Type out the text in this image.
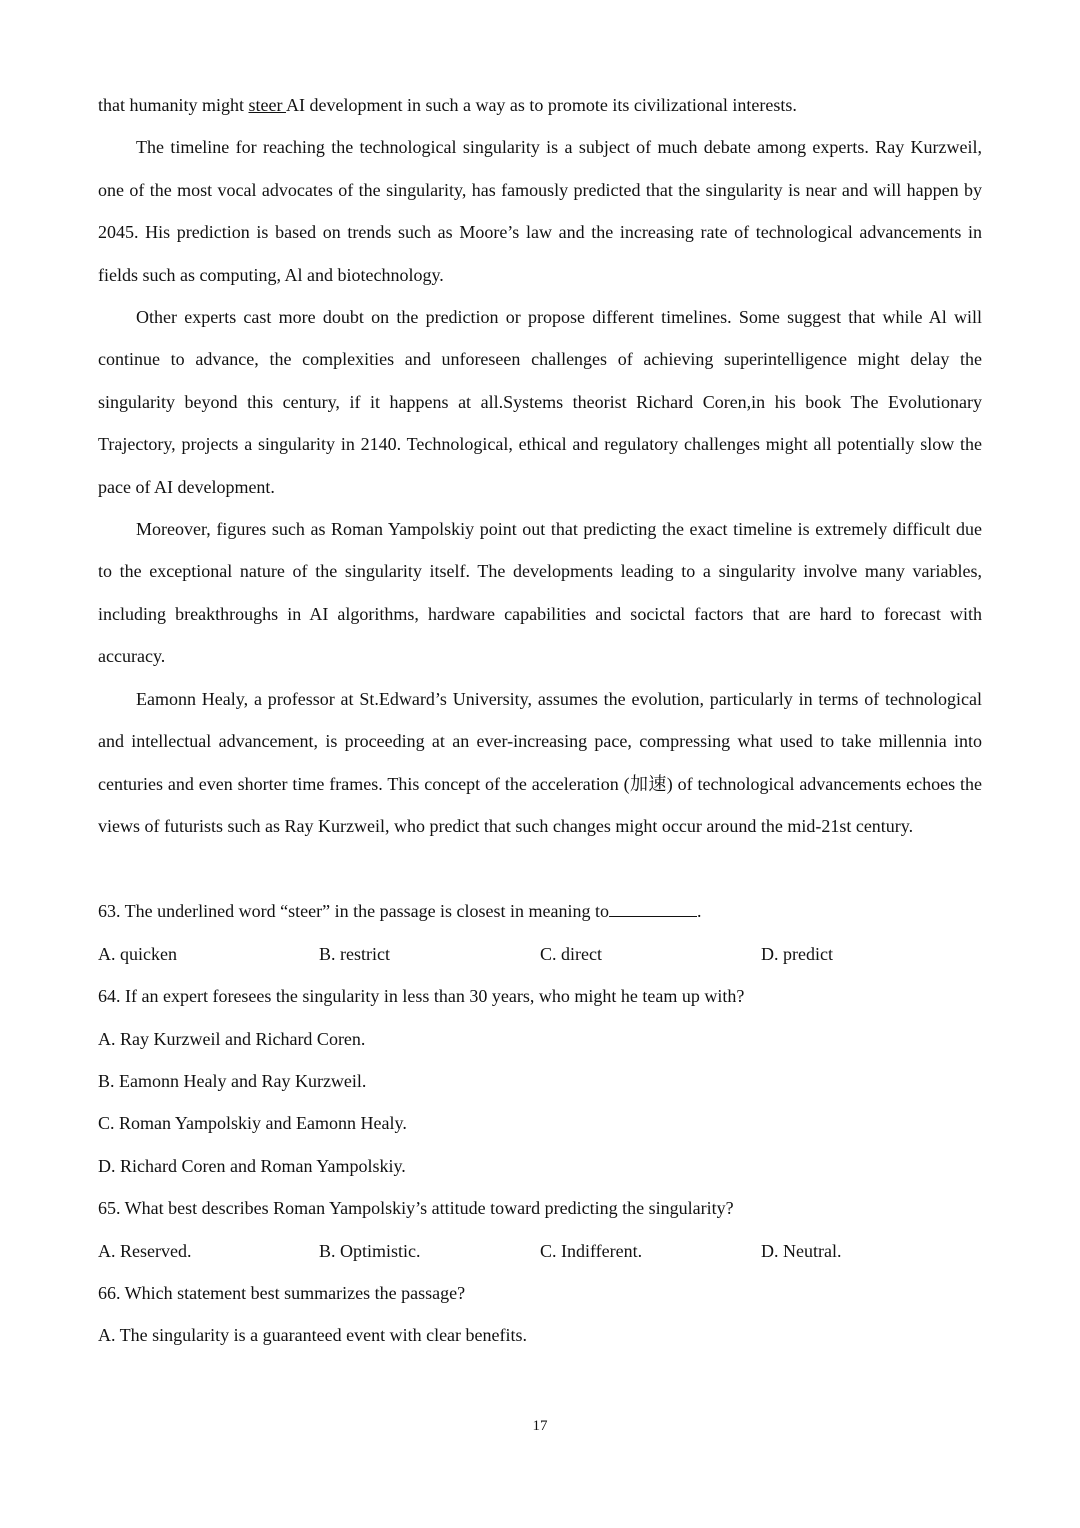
that humanity might steer AI development in such a way as to promote its civilizational interests.

The timeline for reaching the technological singularity is a subject of much debate among experts. Ray Kurzweil, one of the most vocal advocates of the singularity, has famously predicted that the singularity is near and will happen by 2045. His prediction is based on trends such as Moore’s law and the increasing rate of technological advancements in fields such as computing, Al and biotechnology.

Other experts cast more doubt on the prediction or propose different timelines. Some suggest that while Al will continue to advance, the complexities and unforeseen challenges of achieving superintelligence might delay the singularity beyond this century, if it happens at all.Systems theorist Richard Coren,in his book The Evolutionary Trajectory, projects a singularity in 2140. Technological, ethical and regulatory challenges might all potentially slow the pace of AI development.

Moreover, figures such as Roman Yampolskiy point out that predicting the exact timeline is extremely difficult due to the exceptional nature of the singularity itself. The developments leading to a singularity involve many variables, including breakthroughs in AI algorithms, hardware capabilities and socictal factors that are hard to forecast with accuracy.

Eamonn Healy, a professor at St.Edward’s University, assumes the evolution, particularly in terms of technological and intellectual advancement, is proceeding at an ever-increasing pace, compressing what used to take millennia into centuries and even shorter time frames. This concept of the acceleration (加速) of technological advancements echoes the views of futurists such as Ray Kurzweil, who predict that such changes might occur around the mid-21st century.

63. The underlined word “steer” in the passage is closest in meaning to	.

A. quicken	B. restrict	C. direct	D. predict

64. If an expert foresees the singularity in less than 30 years, who might he team up with?

A. Ray Kurzweil and Richard Coren.

B. Eamonn Healy and Ray Kurzweil.

C. Roman Yampolskiy and Eamonn Healy.

D. Richard Coren and Roman Yampolskiy.

65. What best describes Roman Yampolskiy’s attitude toward predicting the singularity?

A. Reserved.	B. Optimistic.	C. Indifferent.	D. Neutral.

66. Which statement best summarizes the passage?

A. The singularity is a guaranteed event with clear benefits.

17
